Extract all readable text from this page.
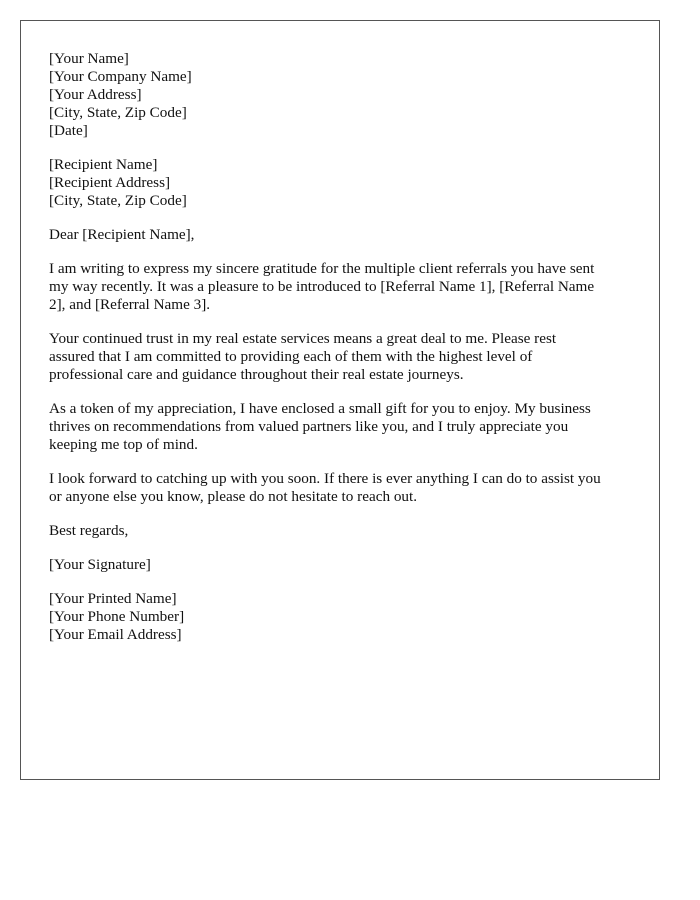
[Your Name]
[Your Company Name]
[Your Address]
[City, State, Zip Code]
[Date]
[Recipient Name]
[Recipient Address]
[City, State, Zip Code]
Dear [Recipient Name],
I am writing to express my sincere gratitude for the multiple client referrals you have sent
my way recently. It was a pleasure to be introduced to [Referral Name 1], [Referral Name
2], and [Referral Name 3].
Your continued trust in my real estate services means a great deal to me. Please rest
assured that I am committed to providing each of them with the highest level of
professional care and guidance throughout their real estate journeys.
As a token of my appreciation, I have enclosed a small gift for you to enjoy. My business
thrives on recommendations from valued partners like you, and I truly appreciate you
keeping me top of mind.
I look forward to catching up with you soon. If there is ever anything I can do to assist you
or anyone else you know, please do not hesitate to reach out.
Best regards,
[Your Signature]
[Your Printed Name]
[Your Phone Number]
[Your Email Address]
